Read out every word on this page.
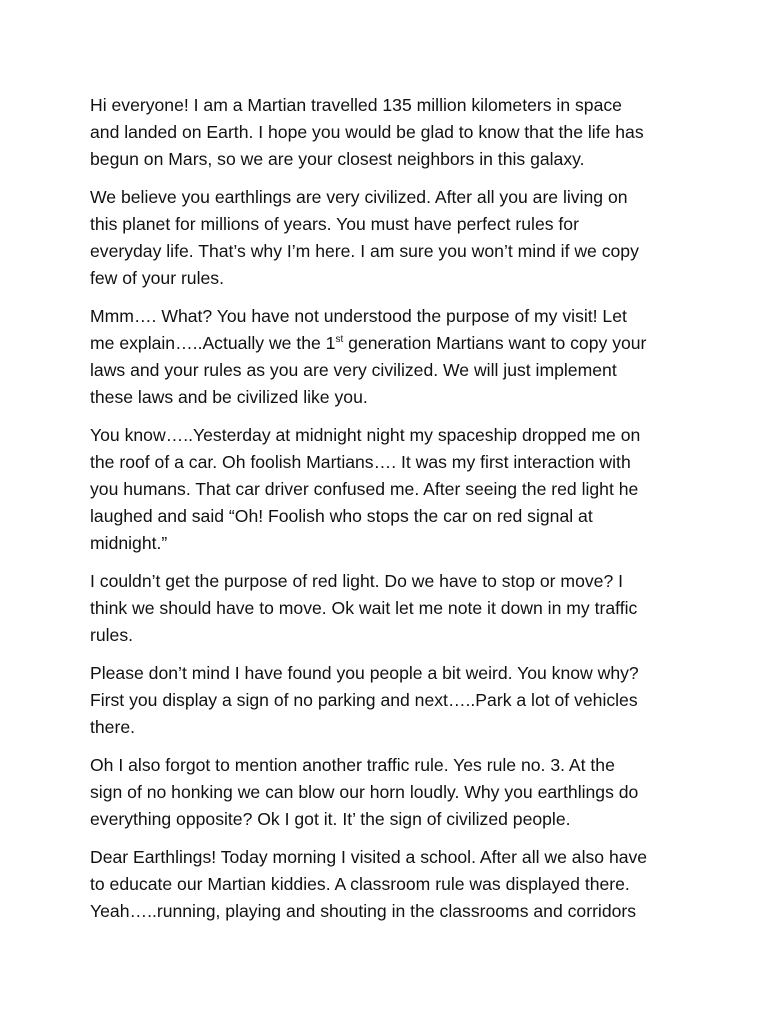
Hi everyone! I am a Martian travelled 135 million kilometers in space
and landed on Earth. I hope you would be glad to know that the life has
begun on Mars, so we are your closest neighbors in this galaxy.

We believe you earthlings are very civilized. After all you are living on
this planet for millions of years. You must have perfect rules for
everyday life. That’s why I’m here. I am sure you won’t mind if we copy
few of your rules.

Mmm…. What? You have not understood the purpose of my visit! Let
me explain…..Actually we the 1st generation Martians want to copy your
laws and your rules as you are very civilized. We will just implement
these laws and be civilized like you.

You know…..Yesterday at midnight night my spaceship dropped me on
the roof of a car. Oh foolish Martians…. It was my first interaction with
you humans. That car driver confused me. After seeing the red light he
laughed and said “Oh! Foolish who stops the car on red signal at
midnight.”

I couldn’t get the purpose of red light. Do we have to stop or move? I
think we should have to move. Ok wait let me note it down in my traffic
rules.

Please don’t mind I have found you people a bit weird. You know why?
First you display a sign of no parking and next…..Park a lot of vehicles
there.

Oh I also forgot to mention another traffic rule. Yes rule no. 3. At the
sign of no honking we can blow our horn loudly. Why you earthlings do
everything opposite? Ok I got it. It’ the sign of civilized people.

Dear Earthlings! Today morning I visited a school. After all we also have
to educate our Martian kiddies. A classroom rule was displayed there.
Yeah…..running, playing and shouting in the classrooms and corridors
